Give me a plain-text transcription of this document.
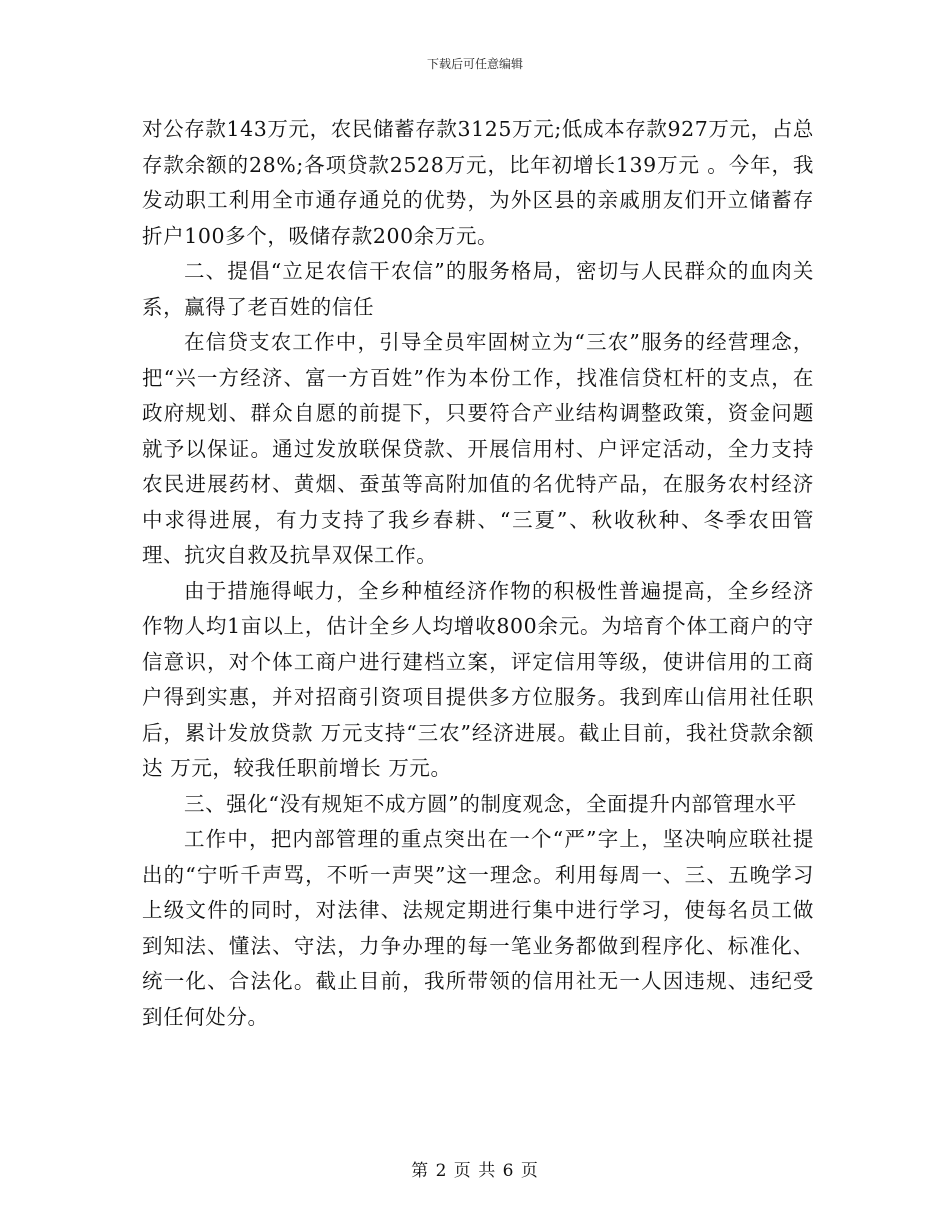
下载后可任意编辑

对公存款143万元，农民储蓄存款3125万元;低成本存款927万元，占总存款余额的28%;各项贷款2528万元，比年初增长139万元 。今年，我发动职工利用全市通存通兑的优势，为外区县的亲戚朋友们开立储蓄存折户100多个，吸储存款200余万元。

二、提倡“立足农信干农信”的服务格局，密切与人民群众的血肉关系，赢得了老百姓的信任

在信贷支农工作中，引导全员牢固树立为“三农”服务的经营理念，把“兴一方经济、富一方百姓”作为本份工作，找准信贷杠杆的支点，在政府规划、群众自愿的前提下，只要符合产业结构调整政策，资金问题就予以保证。通过发放联保贷款、开展信用村、户评定活动，全力支持农民进展药材、黄烟、蚕茧等高附加值的名优特产品，在服务农村经济中求得进展，有力支持了我乡春耕、“三夏”、秋收秋种、冬季农田管理、抗灾自救及抗旱双保工作。

由于措施得岷力，全乡种植经济作物的积极性普遍提高，全乡经济作物人均1亩以上，估计全乡人均增收800余元。为培育个体工商户的守信意识，对个体工商户进行建档立案，评定信用等级，使讲信用的工商户得到实惠，并对招商引资项目提供多方位服务。我到库山信用社任职后，累计发放贷款 万元支持“三农”经济进展。截止目前，我社贷款余额达 万元，较我任职前增长 万元。

三、强化“没有规矩不成方圆”的制度观念，全面提升内部管理水平

工作中，把内部管理的重点突出在一个“严”字上，坚决响应联社提出的“宁听千声骂，不听一声哭”这一理念。利用每周一、三、五晚学习上级文件的同时，对法律、法规定期进行集中进行学习，使每名员工做到知法、懂法、守法，力争办理的每一笔业务都做到程序化、标准化、统一化、合法化。截止目前，我所带领的信用社无一人因违规、违纪受到任何处分。

第 2 页 共 6 页
